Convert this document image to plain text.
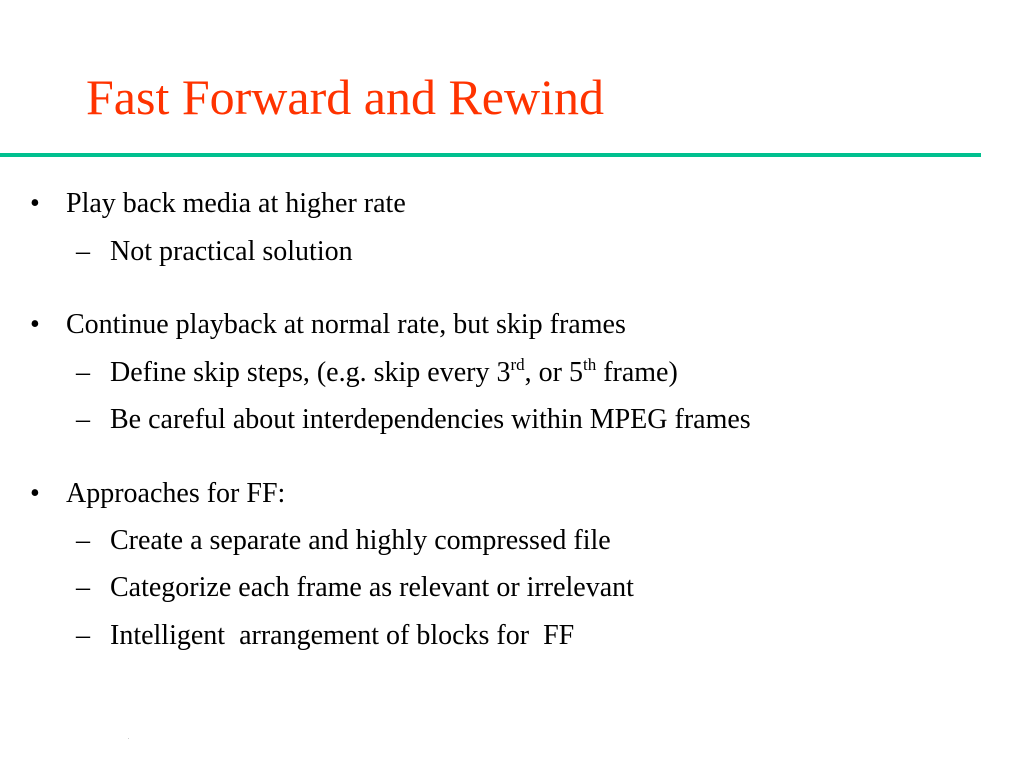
Fast Forward and Rewind
• Play back media at higher rate
– Not practical solution
• Continue playback at normal rate, but skip frames
– Define skip steps, (e.g. skip every 3rd, or 5th frame)
– Be careful about interdependencies within MPEG frames
• Approaches for FF:
– Create a separate and highly compressed file
– Categorize each frame as relevant or irrelevant
– Intelligent  arrangement of blocks for  FF
